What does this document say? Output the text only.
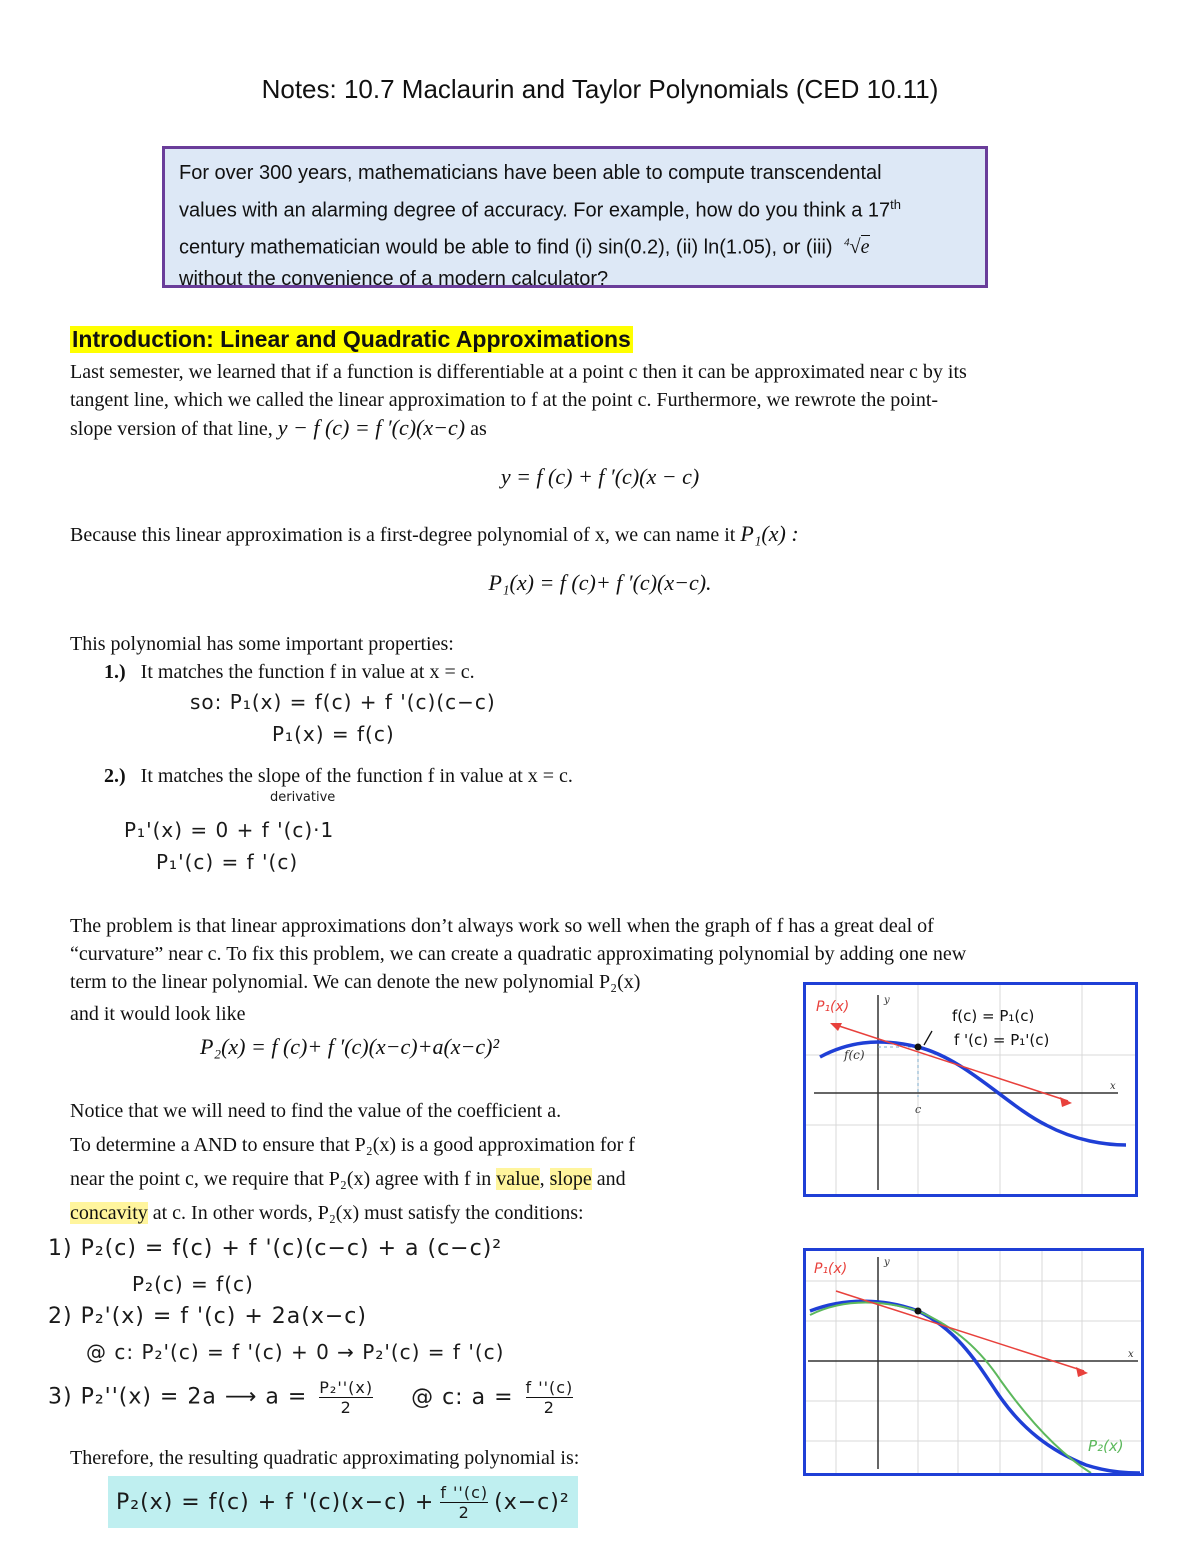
Notes: 10.7 Maclaurin and Taylor Polynomials (CED 10.11)
For over 300 years, mathematicians have been able to compute transcendental
values with an alarming degree of accuracy. For example, how do you think a 17th
century mathematician would be able to find (i) sin(0.2), (ii) ln(1.05), or (iii) $^4$√e
without the convenience of a modern calculator?
Introduction: Linear and Quadratic Approximations
Last semester, we learned that if a function is differentiable at a point c then it can be approximated near c by its
tangent line, which we called the linear approximation to f at the point c. Furthermore, we rewrote the point-
slope version of that line, y − f (c) = f ′(c)(x−c) as
y = f (c) + f ′(c)(x − c)
Because this linear approximation is a first-degree polynomial of x, we can name it P₁(x) :
P₁(x) = f (c)+ f ′(c)(x−c).
This polynomial has some important properties:
1.) It matches the function f in value at x = c.
so: P₁(x) = f(c) + f '(c)(c−c)
P₁(x) = f(c)
2.) It matches the slope of the function f in value at x = c.
derivative
P₁'(x) = 0 + f '(c)·1
P₁'(c) = f '(c)
The problem is that linear approximations don’t always work so well when the graph of f has a great deal of
“curvature” near c. To fix this problem, we can create a quadratic approximating polynomial by adding one new
term to the linear polynomial. We can denote the new polynomial P₂(x)
and it would look like
P₂(x) = f (c)+ f ′(c)(x−c)+a(x−c)²
Notice that we will need to find the value of the coefficient a.
To determine a AND to ensure that P₂(x) is a good approximation for f
near the point c, we require that P₂(x) agree with f in value, slope and
concavity at c. In other words, P₂(x) must satisfy the conditions:
1) P₂(c) = f(c) + f '(c)(c−c) + a (c−c)²
P₂(c) = f(c)
2) P₂'(x) = f '(c) + 2a(x−c)
@ c: P₂'(c) = f '(c) + 0 → P₂'(c) = f '(c)
3) P₂''(x) = 2a ⟶ $a = \frac{\text{P₂''(x)}}{2}$ @ c: $a = \frac{f ''(c)}{2}$
Therefore, the resulting quadratic approximating polynomial is:
P₂(x) = f(c) + f '$(c)(x-c) + \frac{f ''(c)}{2} (x-c)^2$
P₁(x)
f(c)
c
y
x
f(c) = P₁(c)
f '(c) = P₁'(c)
P₁(x)
P₂(x)
y
x
